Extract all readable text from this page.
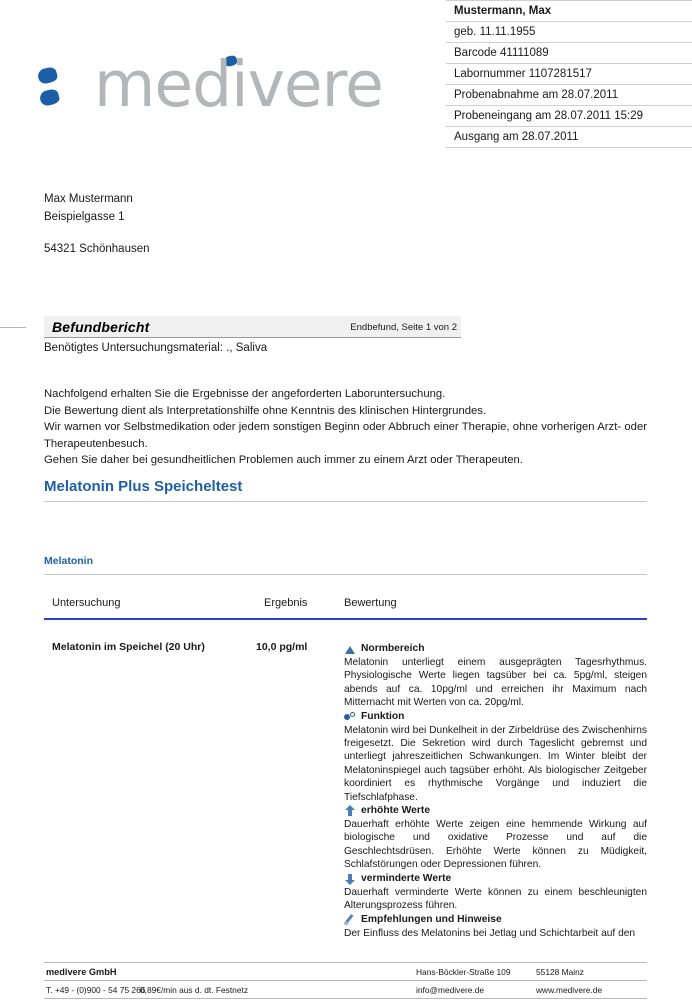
Mustermann, Max
geb. 11.11.1955
Barcode 41111089
Labornummer 1107281517
Probenabnahme am 28.07.2011
Probeneingang am 28.07.2011 15:29
Ausgang am 28.07.2011
medivere
Max Mustermann
Beispielgasse 1
54321 Schönhausen
Befundbericht	Endbefund, Seite 1 von 2
Benötigtes Untersuchungsmaterial: ., Saliva

Nachfolgend erhalten Sie die Ergebnisse der angeforderten Laboruntersuchung.

Die Bewertung dient als Interpretationshilfe ohne Kenntnis des klinischen Hintergrundes.

Wir warnen vor Selbstmedikation oder jedem sonstigen Beginn oder Abbruch einer Therapie, ohne vorherigen Arzt- oder Therapeutenbesuch.

Gehen Sie daher bei gesundheitlichen Problemen auch immer zu einem Arzt oder Therapeuten.

Melatonin Plus Speicheltest
Melatonin
Untersuchung	Ergebnis	Bewertung
Melatonin im Speichel (20 Uhr)	10,0 pg/ml	Normbereich

Melatonin unterliegt einem ausgeprägten Tagesrhythmus. Physiologische Werte liegen tagsüber bei ca. 5pg/ml, steigen abends auf ca. 10pg/ml und erreichen ihr Maximum nach Mitternacht mit Werten von ca. 20pg/ml.

Funktion

Melatonin wird bei Dunkelheit in der Zirbeldrüse des Zwischenhirns freigesetzt. Die Sekretion wird durch Tageslicht gebremst und unterliegt jahreszeitlichen Schwankungen. Im Winter bleibt der Melatoninspiegel auch tagsüber erhöht. Als biologischer Zeitgeber koordiniert es rhythmische Vorgänge und induziert die Tiefschlafphase.

erhöhte Werte

Dauerhaft erhöhte Werte zeigen eine hemmende Wirkung auf biologische und oxidative Prozesse und auf die Geschlechtsdrüsen. Erhöhte Werte können zu Müdigkeit, Schlafstörungen oder Depressionen führen.

verminderte Werte

Dauerhaft verminderte Werte können zu einem beschleunigten Alterungsprozess führen.

Empfehlungen und Hinweise

Der Einfluss des Melatonins bei Jetlag und Schichtarbeit auf den

medivere GmbH	Hans-Böckler-Straße 109	55128 Mainz
T. +49 - (0)900 - 54 75 266
0,89€/min aus d. dt. Festnetz	info@medivere.de	www.medivere.de
